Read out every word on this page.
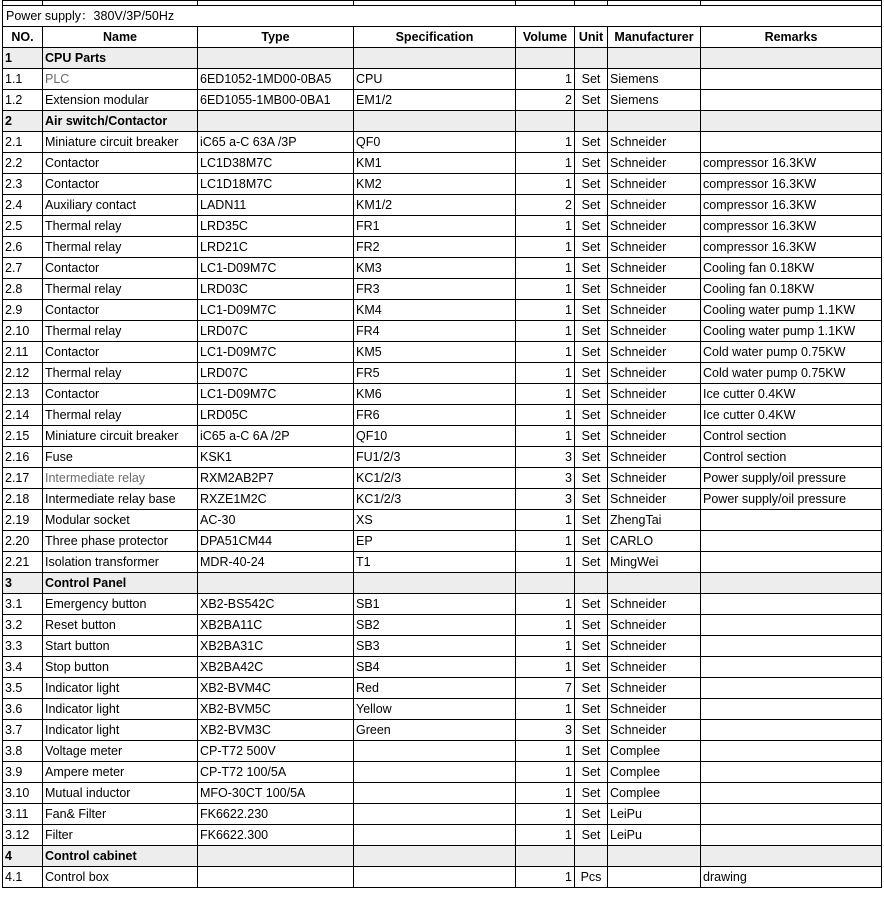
Power supply：380V/3P/50Hz							
NO.	Name	Type	Specification	Volume	Unit	Manufacturer	Remarks
1	CPU Parts						
1.1	PLC	6ED1052-1MD00-0BA5	CPU	1	Set	Siemens	
1.2	Extension modular	6ED1055-1MB00-0BA1	EM1/2	2	Set	Siemens	
2	Air switch/Contactor						
2.1	Miniature circuit breaker	iC65 a-C 63A /3P	QF0	1	Set	Schneider	
2.2	Contactor	LC1D38M7C	KM1	1	Set	Schneider	compressor 16.3KW
2.3	Contactor	LC1D18M7C	KM2	1	Set	Schneider	compressor 16.3KW
2.4	Auxiliary contact	LADN11	KM1/2	2	Set	Schneider	compressor 16.3KW
2.5	Thermal relay	LRD35C	FR1	1	Set	Schneider	compressor 16.3KW
2.6	Thermal relay	LRD21C	FR2	1	Set	Schneider	compressor 16.3KW
2.7	Contactor	LC1-D09M7C	KM3	1	Set	Schneider	Cooling fan 0.18KW
2.8	Thermal relay	LRD03C	FR3	1	Set	Schneider	Cooling fan 0.18KW
2.9	Contactor	LC1-D09M7C	KM4	1	Set	Schneider	Cooling water pump 1.1KW
2.10	Thermal relay	LRD07C	FR4	1	Set	Schneider	Cooling water pump 1.1KW
2.11	Contactor	LC1-D09M7C	KM5	1	Set	Schneider	Cold water pump 0.75KW
2.12	Thermal relay	LRD07C	FR5	1	Set	Schneider	Cold water pump 0.75KW
2.13	Contactor	LC1-D09M7C	KM6	1	Set	Schneider	Ice cutter 0.4KW
2.14	Thermal relay	LRD05C	FR6	1	Set	Schneider	Ice cutter 0.4KW
2.15	Miniature circuit breaker	iC65 a-C 6A /2P	QF10	1	Set	Schneider	Control section
2.16	Fuse	KSK1	FU1/2/3	3	Set	Schneider	Control section
2.17	Intermediate relay	RXM2AB2P7	KC1/2/3	3	Set	Schneider	Power supply/oil pressure
2.18	Intermediate relay base	RXZE1M2C	KC1/2/3	3	Set	Schneider	Power supply/oil pressure
2.19	Modular socket	AC-30	XS	1	Set	ZhengTai	
2.20	Three phase protector	DPA51CM44	EP	1	Set	CARLO	
2.21	Isolation transformer	MDR-40-24	T1	1	Set	MingWei	
3	Control Panel						
3.1	Emergency button	XB2-BS542C	SB1	1	Set	Schneider	
3.2	Reset button	XB2BA11C	SB2	1	Set	Schneider	
3.3	Start button	XB2BA31C	SB3	1	Set	Schneider	
3.4	Stop button	XB2BA42C	SB4	1	Set	Schneider	
3.5	Indicator light	XB2-BVM4C	Red	7	Set	Schneider	
3.6	Indicator light	XB2-BVM5C	Yellow	1	Set	Schneider	
3.7	Indicator light	XB2-BVM3C	Green	3	Set	Schneider	
3.8	Voltage meter	CP-T72 500V		1	Set	Complee	
3.9	Ampere meter	CP-T72 100/5A		1	Set	Complee	
3.10	Mutual inductor	MFO-30CT 100/5A		1	Set	Complee	
3.11	Fan& Filter	FK6622.230		1	Set	LeiPu	
3.12	Filter	FK6622.300		1	Set	LeiPu	
4	Control cabinet						
4.1	Control box			1	Pcs		drawing
